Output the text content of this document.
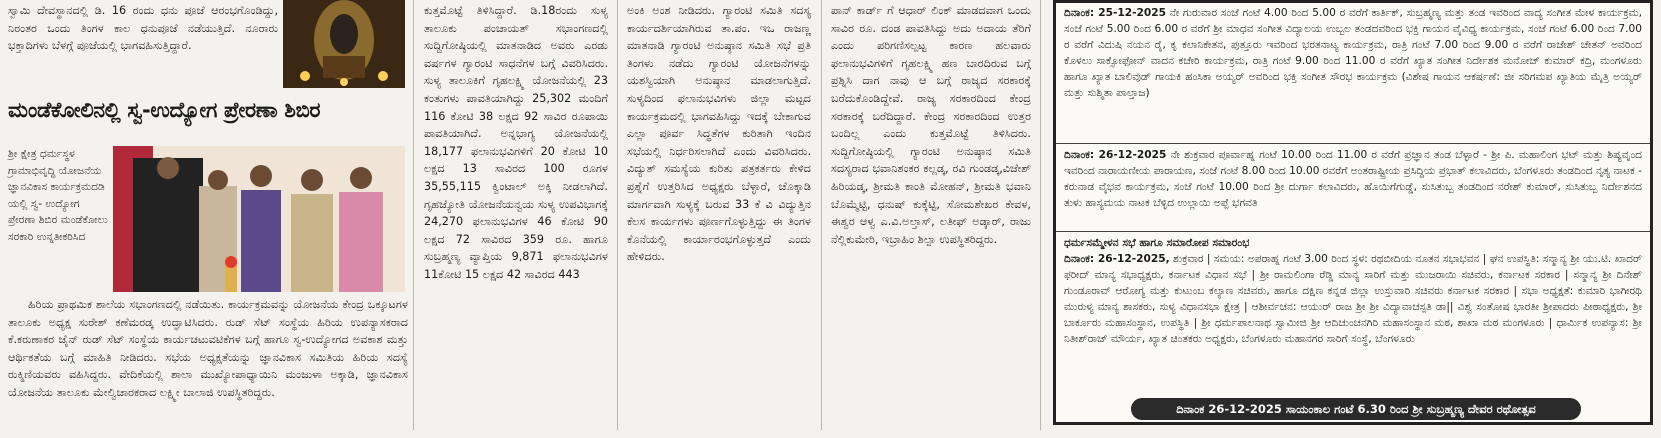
ಸ್ವಾಮಿ ದೇವಸ್ಥಾನದಲ್ಲಿ ಡಿ. 16 ರಂದು ಧನು ಪೂಜೆ ಆರಂಭಗೊಂಡಿದ್ದು, ನಿರಂತರ ಒಂದು ತಿಂಗಳ ಕಾಲ ಧನುಪೂಜೆ ನಡೆಯುತ್ತಿದೆ. ನೂರಾರು ಭಕ್ತಾದಿಗಳು ಬೆಳಗ್ಗೆ ಪೂಜೆಯಲ್ಲಿ ಭಾಗವಹಿಸುತ್ತಿದ್ದಾರೆ.

ಮಂಡೆಕೋಲಿನಲ್ಲಿ ಸ್ವ-ಉದ್ಯೋಗ ಪ್ರೇರಣಾ ಶಿಬಿರ

ಶ್ರೀ ಕ್ಷೇತ್ರ ಧರ್ಮಸ್ಥಳ ಗ್ರಾಮಾಭಿವೃದ್ಧಿ ಯೋಜನೆಯ ಜ್ಞಾನವಿಕಾಸ ಕಾರ್ಯಕ್ರಮದಡಿ ಯಲ್ಲಿ ಸ್ವ- ಉದ್ಯೋಗ ಪ್ರೇರಣಾ ಶಿಬಿರ ಮಂಡೆಕೋಲು ಸರಕಾರಿ ಉನ್ನತೀಕರಿಸಿದ

ಹಿರಿಯ ಪ್ರಾಥಮಿಕ ಶಾಲೆಯ ಸಭಾಂಗಣದಲ್ಲಿ ನಡೆಯಿತು. ಕಾರ್ಯಕ್ರಮವನ್ನು ಯೋಜನೆಯ ಕೇಂದ್ರ ಒಕ್ಕೂಟಗಳ ತಾಲೂಕು ಅಧ್ಯಕ್ಷ ಸುರೇಶ್ ಕಣೆಮರಡ್ಕ ಉದ್ಘಾಟಿಸಿದರು. ರುಡ್ ಸೆಟ್ ಸಂಸ್ಥೆಯ ಹಿರಿಯ ಉಪನ್ಯಾಸಕರಾದ ಕೆ.ಕರುಣಾಕರ ಜೈನ್ ರುಡ್ ಸೆಟ್ ಸಂಸ್ಥೆಯ ಕಾರ್ಯಚಟುವಟಿಕೆಗಳ ಬಗ್ಗೆ ಹಾಗೂ ಸ್ವ-ಉದ್ಯೋಗದ ಅವಕಾಶ ಮತ್ತು ಆರ್ಥಿಕತೆಯ ಬಗ್ಗೆ ಮಾಹಿತಿ ನೀಡಿದರು. ಸಭೆಯ ಅಧ್ಯಕ್ಷತೆಯನ್ನು ಜ್ಞಾನವಿಕಾಸ ಸಮಿತಿಯ ಹಿರಿಯ ಸದಸ್ಯೆ ರುಕ್ಮಿಣಿಯವರು ವಹಿಸಿದ್ದರು. ವೇದಿಕೆಯಲ್ಲಿ ಶಾಲಾ ಮುಖ್ಯೋಪಾಧ್ಯಾಯಿನಿ ಮಂಜುಳಾ ಅಕ್ಕಾಡಿ, ಜ್ಞಾನವಿಕಾಸ ಯೋಜನೆಯ ತಾಲೂಕು ಮೇಲ್ವಿಚಾರಕರಾದ ಲಕ್ಷ್ಮೀ ಬಾಲಾಜಿ ಉಪಸ್ಥಿತರಿದ್ದರು.

ಕುತ್ತಮೊಟ್ಟೆ ತಿಳಿಸಿದ್ದಾರೆ. ಡಿ.18ರಂದು ಸುಳ್ಯ ತಾಲೂಕು ಪಂಚಾಯತ್ ಸಭಾಂಗಣದಲ್ಲಿ ಸುದ್ದಿಗೋಷ್ಠಿಯಲ್ಲಿ ಮಾತನಾಡಿದ ಅವರು ಎರಡು ವರ್ಷಗಳ ಗ್ಯಾರಂಟಿ ಸಾಧನೆಗಳ ಬಗ್ಗೆ ವಿವರಿಸಿದರು. ಸುಳ್ಯ ತಾಲೂಕಿಗೆ ಗೃಹಲಕ್ಷ್ಮಿ ಯೋಜನೆಯಲ್ಲಿ 23 ಕಂತುಗಳು ಪಾವತಿಯಾಗಿದ್ದು 25,302 ಮಂದಿಗೆ 116 ಕೋಟಿ 38 ಲಕ್ಷದ 92 ಸಾವಿರ ರೂಪಾಯಿ ಪಾವತಿಯಾಗಿದೆ. ಅನ್ನಭಾಗ್ಯ ಯೋಜನೆಯಲ್ಲಿ 18,177 ಫಲಾನುಭವಿಗಳಿಗೆ 20 ಕೋಟಿ 10 ಲಕ್ಷದ 13 ಸಾವಿರದ 100 ರೂಗಳ 35,55,115 ಕ್ವಿಂಟಾಲ್ ಅಕ್ಕಿ ನೀಡಲಾಗಿದೆ. ಗೃಹಜ್ಯೋತಿ ಯೋಜನೆಯನ್ವಯ ಸುಳ್ಯ ಉಪವಿಭಾಗಕ್ಕೆ 24,270 ಫಲಾನುಭವಿಗಳ 46 ಕೋಟಿ 90 ಲಕ್ಷದ 72 ಸಾವಿರದ 359 ರೂ. ಹಾಗೂ ಸುಬ್ರಹ್ಮಣ್ಯ ವ್ಯಾಪ್ತಿಯ 9,871 ಫಲಾನುಭವಿಗಳ 11ಕೋಟಿ 15 ಲಕ್ಷದ 42 ಸಾವಿರದ 443

ಅಂಕಿ ಅಂಶ ನೀಡಿದರು. ಗ್ಯಾರಂಟಿ ಸಮಿತಿ ಸದಸ್ಯ ಕಾರ್ಯದರ್ಶಿಯಾಗಿರುವ ತಾ.ಪಂ. ಇಒ ರಾಜಣ್ಣ ಮಾತನಾಡಿ ಗ್ಯಾರಂಟಿ ಅನುಷ್ಠಾನ ಸಮಿತಿ ಸಭೆ ಪ್ರತಿ ತಿಂಗಳು ನಡೆದು ಗ್ಯಾರಂಟಿ ಯೋಜನೆಗಳನ್ನು ಯಶಸ್ವಿಯಾಗಿ ಅನುಷ್ಠಾನ ಮಾಡಲಾಗುತ್ತಿದೆ. ಸುಳ್ಯದಿಂದ ಫಲಾನುಭವಿಗಳು ಜಿಲ್ಲಾ ಮಟ್ಟದ ಕಾರ್ಯಕ್ರಮದಲ್ಲಿ ಭಾಗವಹಿಸಿದ್ದು ಇದಕ್ಕೆ ಬೇಕಾಗುವ ಎಲ್ಲಾ ಪೂರ್ವ ಸಿದ್ಧತೆಗಳ ಕುರಿತಾಗಿ ಇಂದಿನ ಸಭೆಯಲ್ಲಿ ನಿರ್ಧರಿಸಲಾಗಿದೆ ಎಂದು ವಿವರಿಸಿದರು. ವಿದ್ಯುತ್ ಸಮಸ್ಯೆಯ ಕುರಿತು ಪತ್ರಕರ್ತರು ಕೇಳಿದ ಪ್ರಶ್ನೆಗೆ ಉತ್ತರಿಸಿದ ಅಧ್ಯಕ್ಷರು ಬೆಳ್ಳಾರೆ, ಚೊಕ್ಕಾಡಿ ಮಾರ್ಗವಾಗಿ ಸುಳ್ಯಕ್ಕೆ ಬರುವ 33 ಕೆ ವಿ ವಿದ್ಯುತ್ತಿನ ಕೆಲಸ ಕಾರ್ಯಗಳು ಪೂರ್ಣಗೊಳ್ಳುತ್ತಿದ್ದು ಈ ತಿಂಗಳ ಕೊನೆಯಲ್ಲಿ ಕಾರ್ಯಾರಂಭಗೊಳ್ಳುತ್ತದೆ ಎಂದು ಹೇಳಿದರು.

ಪಾನ್ ಕಾರ್ಡ್ ಗೆ ಆಧಾರ್ ಲಿಂಕ್ ಮಾಡದವಾಗ ಒಂದು ಸಾವಿರ ರೂ. ದಂಡ ಪಾವತಿಸಿದ್ದು ಅದು ಅದಾಯ ತೆರಿಗೆ ಎಂದು ಪರಿಗಣಿಸಲ್ಪಟ್ಟ ಕಾರಣ ಹಲವಾರು ಫಲಾನುಭವಿಗಳಿಗೆ ಗೃಹಲಕ್ಷ್ಮಿ ಹಣ ಬಾರದಿರುವ ಬಗ್ಗೆ ಪ್ರಶ್ನಿಸಿ ದಾಗ ನಾವು ಆ ಬಗ್ಗೆ ರಾಜ್ಯದ ಸರಕಾರಕ್ಕೆ ಬರೆದುಕೊಂಡಿದ್ದೇವೆ. ರಾಜ್ಯ ಸರಕಾರದಿಂದ ಕೇಂದ್ರ ಸರಕಾರಕ್ಕೆ ಬರೆದಿದ್ದಾರೆ. ಕೇಂದ್ರ ಸರಕಾರದಿಂದ ಉತ್ತರ ಬಂದಿಲ್ಲ ಎಂದು ಕುತ್ತಮೊಟ್ಟೆ ತಿಳಿಸಿದರು. ಸುದ್ದಿಗೋಷ್ಠಿಯಲ್ಲಿ ಗ್ಯಾರಂಟಿ ಅನುಷ್ಠಾನ ಸಮಿತಿ ಸದಸ್ಯರಾದ ಭವಾನಿಶಂಕರ ಕಲ್ಲಡ್ಕ, ರವಿ ಗುಂಡಡ್ಕ,ವಿಜೇಶ್ ಹಿರಿಯಡ್ಕ, ಶ್ರೀಮತಿ ಕಾಂತಿ ಮೋಹನ್, ಶ್ರೀಮತಿ ಭವಾನಿ ಬೊಮ್ಮೆಟ್ಟಿ, ಧನುಷ್ ಕುಕ್ಕೆಟ್ಟಿ, ಸೋಮಶೇಖರ ಕೇವಳ, ಈಶ್ವರ ಆಳ್ವ ಎ.ವಿ.ಅಲ್ತಾಸ್, ಲತೀಫ್ ಅಡ್ಕಾರ್, ರಾಜು ನೆಲ್ಲಿಕುಮೇರಿ, ಇಬ್ರಾಹಿಂ ಶಿಲ್ಪಾ ಉಪಸ್ಥಿತರಿದ್ದರು.

ದಿನಾಂಕ: 25-12-2025 ನೇ ಗುರುವಾರ ಸಂಜೆ ಗಂಟೆ 4.00 ರಿಂದ 5.00 ರ ವರೆಗೆ ಕಾರ್ತಿಕ್, ಸುಬ್ರಹ್ಮಣ್ಯ ಮತ್ತು ತಂಡ ಇವರಿಂದ ವಾದ್ಯ ಸಂಗೀತ ಮೇಳ ಕಾರ್ಯಕ್ರಮ, ಸಂಜೆ ಗಂಟೆ 5.00 ರಿಂದ 6.00 ರ ವರೆಗೆ ಶ್ರೀ ಮಾಧವ ಸಂಗೀತ ವಿದ್ಯಾಲಯ ಉಬ್ಬಲ ತಂಡದವರಿಂದ ಭಕ್ತಿ ಗಾಯನ ವೈವಿಧ್ಯ ಕಾರ್ಯಕ್ರಮ, ಸಂಜೆ ಗಂಟೆ 6.00 ರಿಂದ 7.00 ರ ವರೆಗೆ ವಿದುಷಿ ನಯನ ರೈ, ಕೃ ಕಲಾನಿಕೇತನ, ಪುತ್ತೂರು ಇವರಿಂದ ಭರತನಾಟ್ಯ ಕಾರ್ಯಕ್ರಮ, ರಾತ್ರಿ ಗಂಟೆ 7.00 ರಿಂದ 9.00 ರ ವರೆಗೆ ರಾಜೇಶ್ ಚೇತನ್ ಅವರಿಂದ ಕೊಳಲು ಸಾಕ್ಸೋಫೋನ್ ವಾದನ ಕಚೇರಿ ಕಾರ್ಯಕ್ರಮ, ರಾತ್ರಿ ಗಂಟೆ 9.00 ರಿಂದ 11.00 ರ ವರೆಗೆ ಖ್ಯಾತ ಸಂಗೀತ ನಿರ್ದೇಶಕ ಮನೋಜ್ ಕುಮಾರ್ ಕದ್ರಿ, ಮಂಗಳೂರು ಹಾಗೂ ಖ್ಯಾತ ಬಾಲಿವುಡ್ ಗಾಯಕಿ ಹಂಸಿಕಾ ಅಯ್ಯರ್ ಅವರಿಂದ ಭಕ್ತಿ ಸಂಗೀತ ಸೌರಭ ಕಾರ್ಯಕ್ರಮ (ವಿಶೇಷ ಗಾಯನ ಆಕರ್ಷಣೆ: ಜೀ ಸರಿಗಮಪ ಖ್ಯಾತಿಯ ಮೈತ್ರಿ ಅಯ್ಯರ್ ಮತ್ತು ಸುಶ್ಮಿತಾ ಪಾಲ್ತಾಜ)

ದಿನಾಂಕ: 26-12-2025 ನೇ ಶುಕ್ರವಾರ ಪೂರ್ವಾಹ್ನ ಗಂಟೆ 10.00 ರಿಂದ 11.00 ರ ವರೆಗೆ ಪ್ರಜ್ಞಾನ ತಂಡ ಬೆಳ್ಳಾರೆ - ಶ್ರೀ ಪಿ. ಮಹಾಲಿಂಗ ಭಟ್ ಮತ್ತು ಶಿಷ್ಯವೃಂದ ಇವರಿಂದ ನಾರಾಯಣೀಯ ಪಾರಾಯಣ, ಸಂಜೆ ಗಂಟೆ 8.00 ರಿಂದ 10.00 ರವರೆಗೆ ಅಂತರಾಷ್ಟ್ರೀಯ ಪ್ರಸಿದ್ಧಿಯ ಪ್ರಭಾತ್ ಕಲಾವಿದರು, ಬೆಂಗಳೂರು ತಂಡದಿಂದ ನೃತ್ಯ ನಾಟಕ - ಕರುನಾಡ ವೈಭವ ಕಾರ್ಯಕ್ರಮ, ಸಂಜೆ ಗಂಟೆ 10.00 ರಿಂದ ಶ್ರೀ ದುರ್ಗಾ ಕಲಾವಿದರು, ಹೊಯಿಗೆಗುಡ್ಡೆ, ಸುಸಿತುಬ್ಬ ತಂಡದಿಂದ ನರೇಶ್ ಕುಮಾರ್, ಸುಸಿತುಬ್ಬ ನಿರ್ದೇಶನದ ತುಳು ಹಾಸ್ಯಮಯ ನಾಟಕ ಬೆಳ್ಳಿದ ಉಲ್ಲಾಯಿ ಅಪ್ಪೆ ಭಗವತಿ

ಧರ್ಮಸಮ್ಮೇಳನ ಸಭೆ ಹಾಗೂ ಸಮಾರೋಪ ಸಮಾರಂಭ

ದಿನಾಂಕ: 26-12-2025, ಶುಕ್ರವಾರ | ಸಮಯ: ಅಪರಾಹ್ನ ಗಂಟೆ 3.00 ರಿಂದ ಸ್ಥಳ: ರಥಬೀದಿಯ ನೂತನ ಸಭಾಭವನ | ಘನ ಉಪಸ್ಥಿತಿ: ಸನ್ಮಾನ್ಯ ಶ್ರೀ ಯು.ಟಿ. ಖಾದರ್ ಫರೀದ್ ಮಾನ್ಯ ಸಭಾಧ್ಯಕ್ಷರು, ಕರ್ನಾಟಕ ವಿಧಾನ ಸಭೆ | ಶ್ರೀ ರಾಮಲಿಂಗಾ ರೆಡ್ಡಿ ಮಾನ್ಯ ಸಾರಿಗೆ ಮತ್ತು ಮುಜರಾಯಿ ಸಚಿವರು, ಕರ್ನಾಟಕ ಸರಕಾರ | ಸನ್ಮಾನ್ಯ ಶ್ರೀ ದಿನೇಶ್ ಗುಂಡೂರಾವ್ ಆರೋಗ್ಯ ಮತ್ತು ಕುಟುಂಬ ಕಲ್ಯಾಣ ಸಚಿವರು, ಹಾಗೂ ದಕ್ಷಿಣ ಕನ್ನಡ ಜಿಲ್ಲಾ ಉಸ್ತುವಾರಿ ಸಚಿವರು ಕರ್ನಾಟಕ ಸರಕಾರ | ಸಭಾ ಅಧ್ಯಕ್ಷತೆ: ಕುಮಾರಿ ಭಾಗೀರಥಿ ಮುರುಳ್ಯ ಮಾನ್ಯ ಶಾಸಕರು, ಸುಳ್ಯ ವಿಧಾನಸಭಾ ಕ್ಷೇತ್ರ | ಆಶೀರ್ವಚನ: ಆಯುರ್ ರಾಜ ಶ್ರೀ ಶ್ರೀ ವಿದ್ಯಾವಾಚಸ್ಪತಿ ಡಾ|| ವಿಶ್ವ ಸಂತೋಷ ಭಾರತೀ ಶ್ರೀಪಾದರು ಪೀಠಾಧ್ಯಕ್ಷರು, ಶ್ರೀ ಬಾರ್ಕೂರು ಮಹಾಸಂಸ್ಥಾನ, ಉಪಸ್ಥಿತಿ | ಶ್ರೀ ಧರ್ಮಪಾಲನಾಥ ಸ್ವಾಮೀಜಿ ಶ್ರೀ ಆದಿಚುಂಚನಗಿರಿ ಮಹಾಸಂಸ್ಥಾನ ಮಠ, ಶಾಖಾ ಮಠ ಮಂಗಳೂರು | ಧಾರ್ಮಿಕ ಉಪನ್ಯಾಸ: ಶ್ರೀ ನಿತೀಶ್‌ರಾಜ್ ಮೌರ್ಯ, ಖ್ಯಾತ ಚಿಂತಕರು ಅಧ್ಯಕ್ಷರು, ಬೆಂಗಳೂರು ಮಹಾನಗರ ಸಾರಿಗೆ ಸಂಸ್ಥೆ, ಬೆಂಗಳೂರು

ದಿನಾಂಕ 26-12-2025 ಸಾಯಂಕಾಲ ಗಂಟೆ 6.30 ರಿಂದ ಶ್ರೀ ಸುಬ್ರಹ್ಮಣ್ಯ ದೇವರ ರಥೋತ್ಸವ
